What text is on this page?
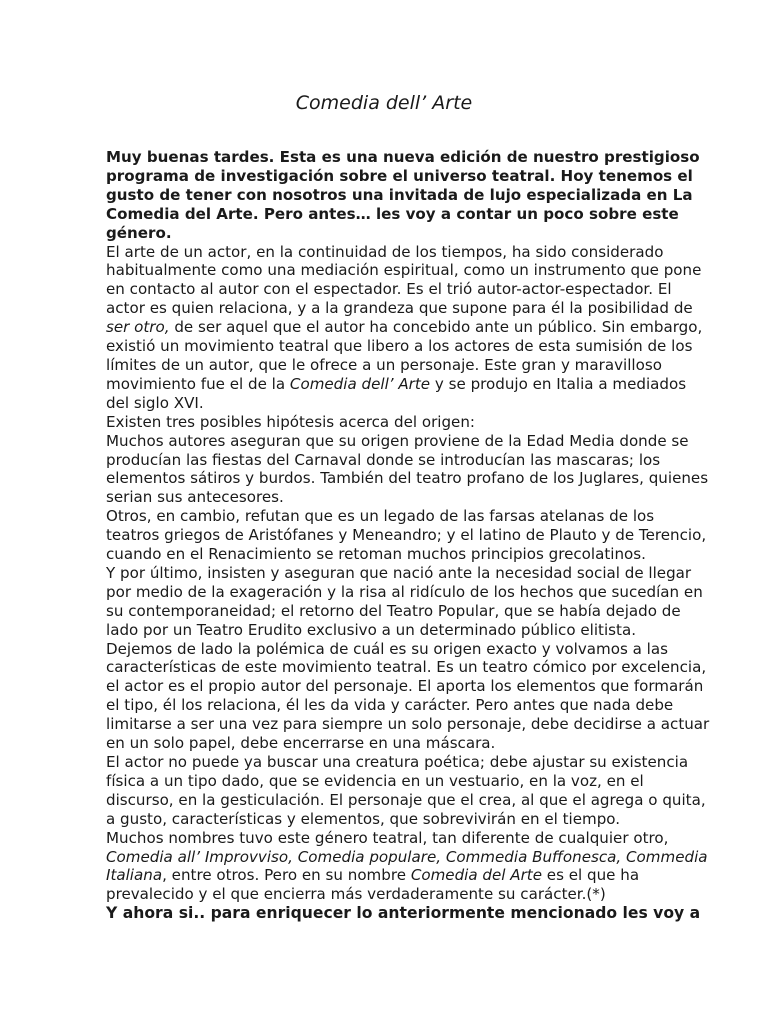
Comedia dell’ Arte

Muy buenas tardes. Esta es una nueva edición de nuestro prestigioso

programa de investigación sobre el universo teatral. Hoy tenemos el

gusto de tener con nosotros una invitada de lujo especializada en La

Comedia del Arte. Pero antes… les voy a contar un poco sobre este

género.

El arte de un actor, en la continuidad de los tiempos, ha sido considerado

habitualmente como una mediación espiritual, como un instrumento que pone

en contacto al autor con el espectador. Es el trió autor-actor-espectador. El

actor es quien relaciona, y a la grandeza que supone para él la posibilidad de

ser otro, de ser aquel que el autor ha concebido ante un público. Sin embargo,

existió un movimiento teatral que libero a los actores de esta sumisión de los

límites de un autor, que le ofrece a un personaje. Este gran y maravilloso

movimiento fue el de la Comedia dell’ Arte y se produjo en Italia a mediados

del siglo XVI.

Existen tres posibles hipótesis acerca del origen:

Muchos autores aseguran que su origen proviene de la Edad Media donde se

producían las fiestas del Carnaval donde se introducían las mascaras; los

elementos sátiros y burdos. También del teatro profano de los Juglares, quienes

serian sus antecesores.

Otros, en cambio, refutan que es un legado de las farsas atelanas de los

teatros griegos de Aristófanes y Meneandro; y el latino de Plauto y de Terencio,

cuando en el Renacimiento se retoman muchos principios grecolatinos.

Y por último, insisten y aseguran que nació ante la necesidad social de llegar

por medio de la exageración y la risa al ridículo de los hechos que sucedían en

su contemporaneidad; el retorno del Teatro Popular, que se había dejado de

lado por un Teatro Erudito exclusivo a un determinado público elitista.

Dejemos de lado la polémica de cuál es su origen exacto y volvamos a las

características de este movimiento teatral. Es un teatro cómico por excelencia,

el actor es el propio autor del personaje. El aporta los elementos que formarán

el tipo, él los relaciona, él les da vida y carácter. Pero antes que nada debe

limitarse a ser una vez para siempre un solo personaje, debe decidirse a actuar

en un solo papel, debe encerrarse en una máscara.

El actor no puede ya buscar una creatura poética; debe ajustar su existencia

física a un tipo dado, que se evidencia en un vestuario, en la voz, en el

discurso, en la gesticulación. El personaje que el crea, al que el agrega o quita,

a gusto, características y elementos, que sobrevivirán en el tiempo.

Muchos nombres tuvo este género teatral, tan diferente de cualquier otro,

Comedia all’ Improvviso, Comedia populare, Commedia Buffonesca, Commedia

Italiana, entre otros. Pero en su nombre Comedia del Arte es el que ha

prevalecido y el que encierra más verdaderamente su carácter.(*)

Y ahora si.. para enriquecer lo anteriormente mencionado les voy a
